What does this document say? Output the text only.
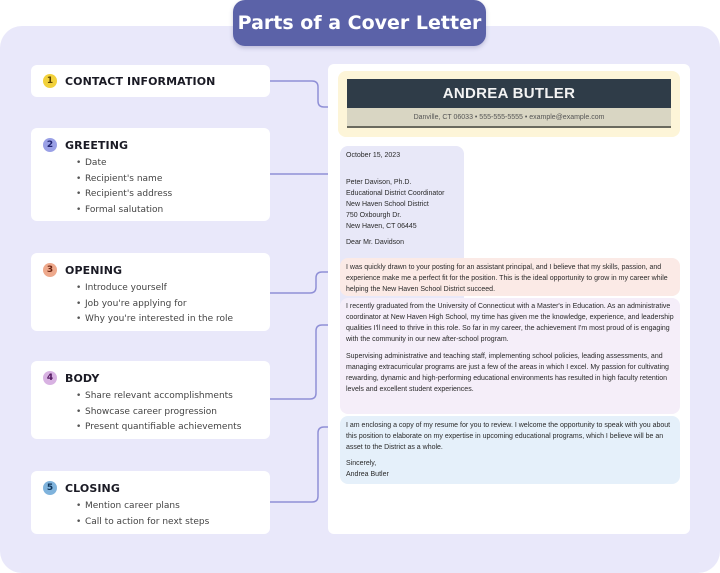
Parts of a Cover Letter
1	CONTACT INFORMATION
2	GREETING
• Date
• Recipient's name
• Recipient's address
• Formal salutation
3	OPENING
• Introduce yourself
• Job you're applying for
• Why you're interested in the role
4	BODY
• Share relevant accomplishments
• Showcase career progression
• Present quantifiable achievements
5	CLOSING
• Mention career plans
• Call to action for next steps
ANDREA BUTLER
Danville, CT 06033 • 555-555-5555 • example@example.com
October 15, 2023
Peter Davison, Ph.D.
Educational District Coordinator
New Haven School District
750 Oxbourgh Dr.
New Haven, CT 06445
Dear Mr. Davidson
I was quickly drawn to your posting for an assistant principal, and I believe that my skills, passion, and experience make me a perfect fit for the position. This is the ideal opportunity to grow in my career while helping the New Haven School District succeed.
I recently graduated from the University of Connecticut with a Master's in Education. As an administrative coordinator at New Haven High School, my time has given me the knowledge, experience, and leadership qualities I'll need to thrive in this role. So far in my career, the achievement I'm most proud of is engaging with the community in our new after-school program.
Supervising administrative and teaching staff, implementing school policies, leading assessments, and managing extracurricular programs are just a few of the areas in which I excel. My passion for cultivating rewarding, dynamic and high-performing educational environments has resulted in high faculty retention levels and excellent student experiences.
I am enclosing a copy of my resume for you to review. I welcome the opportunity to speak with you about this position to elaborate on my expertise in upcoming educational programs, which I believe will be an asset to the District as a whole.
Sincerely,
Andrea Butler
